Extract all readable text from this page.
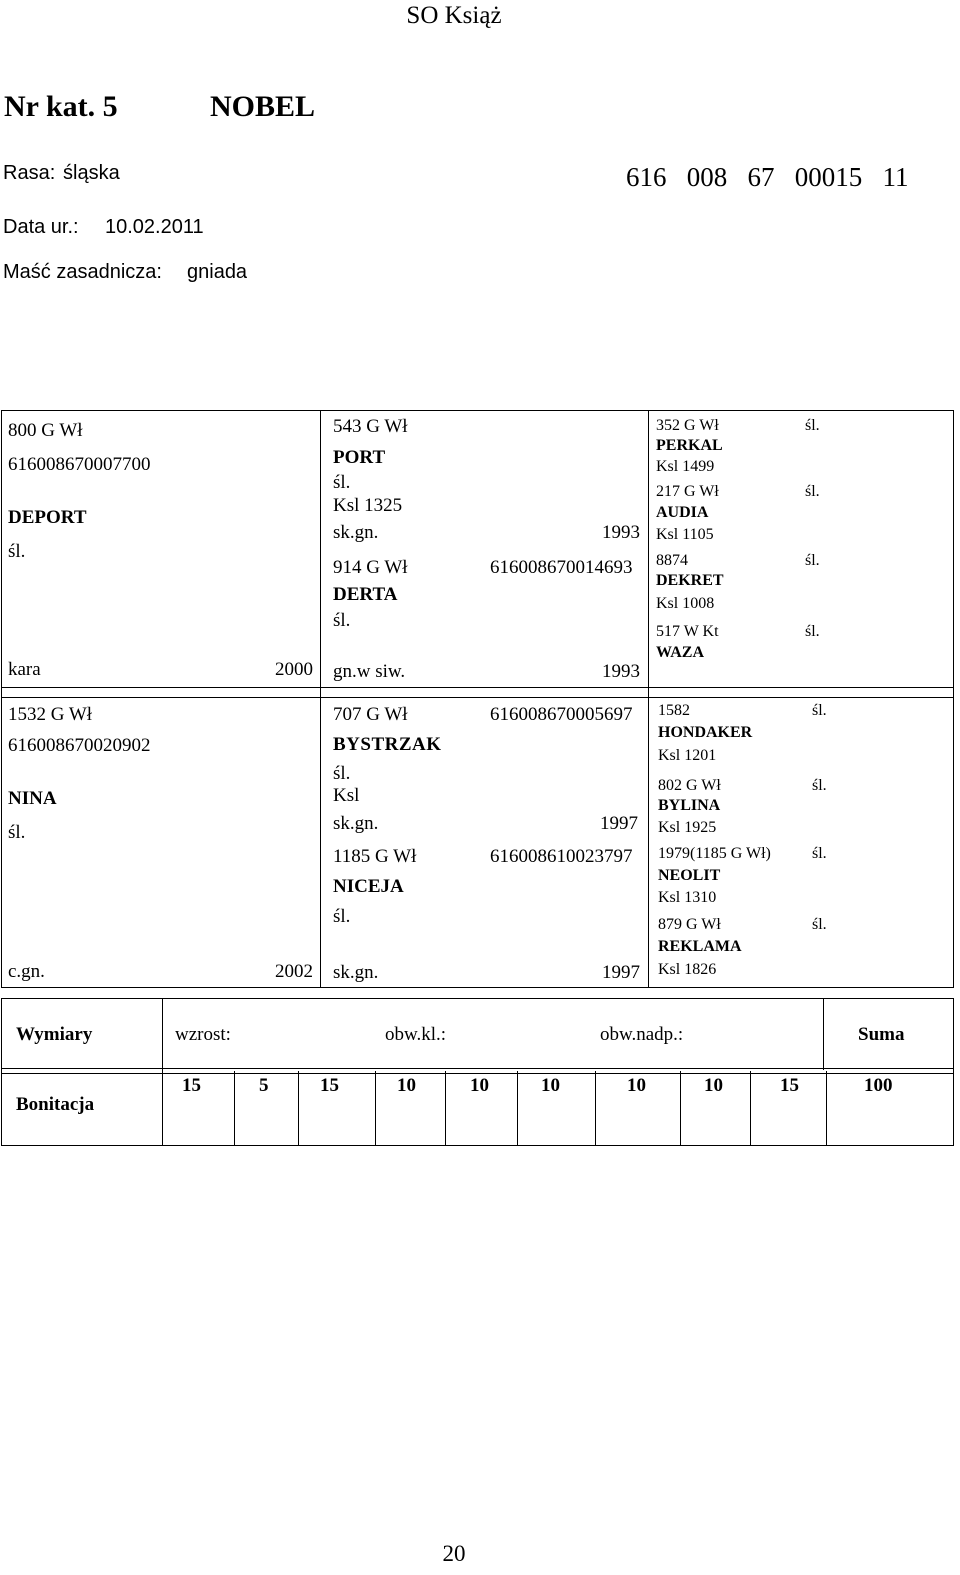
SO Książ
Nr kat. 5	NOBEL
Rasa: śląska	616   008   67   00015   11
Data ur.: 10.02.2011
Maść zasadnicza: gniada
800 G Wł
616008670007700
DEPORT
śl.
kara	2000
543 G Wł
PORT
śl.
Ksl 1325
sk.gn.	1993
914 G Wł	616008670014693
DERTA
śl.
gn.w siw.	1993
352 G Wł	śl.
PERKAL
Ksl 1499
217 G Wł	śl.
AUDIA
Ksl 1105
8874	śl.
DEKRET
Ksl 1008
517 W Kt	śl.
WAZA
1532 G Wł
616008670020902
NINA
śl.
c.gn.	2002
707 G Wł	616008670005697
BYSTRZAK
śl.
Ksl
sk.gn.	1997
1185 G Wł	616008610023797
NICEJA
śl.
sk.gn.	1997
1582	śl.
HONDAKER
Ksl 1201
802 G Wł	śl.
BYLINA
Ksl 1925
1979(1185 G Wł)	śl.
NEOLIT
Ksl 1310
879 G Wł	śl.
REKLAMA
Ksl 1826
Wymiary	wzrost:	obw.kl.:	obw.nadp.:	Suma
Bonitacja
15	5	15	10	10	10	10	10	15	100
20
